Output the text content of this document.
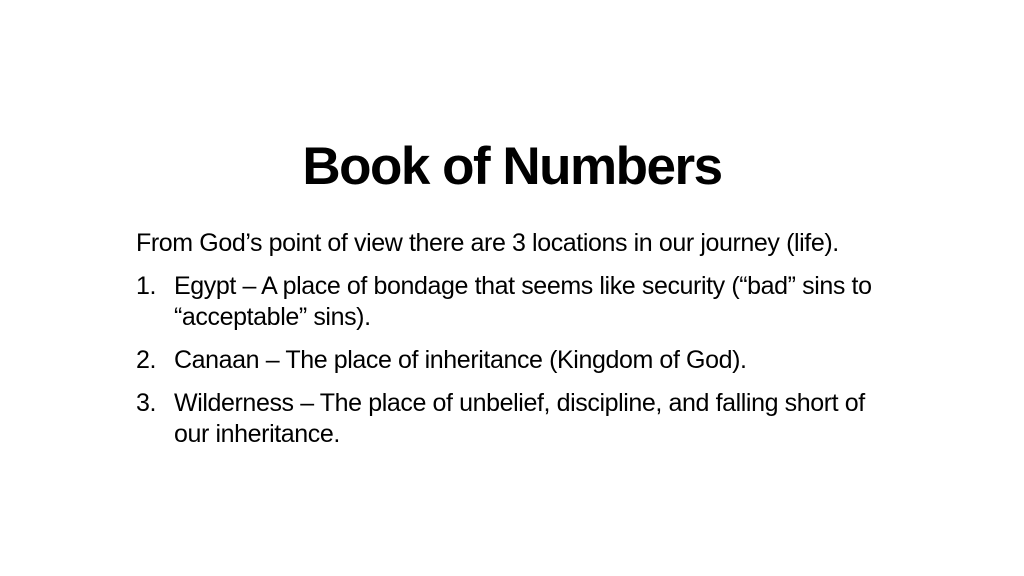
Book of Numbers

From God’s point of view there are 3 locations in our journey (life).

1. Egypt – A place of bondage that seems like security (“bad” sins to “acceptable” sins).
2. Canaan – The place of inheritance (Kingdom of God).
3. Wilderness – The place of unbelief, discipline, and falling short of our inheritance.
